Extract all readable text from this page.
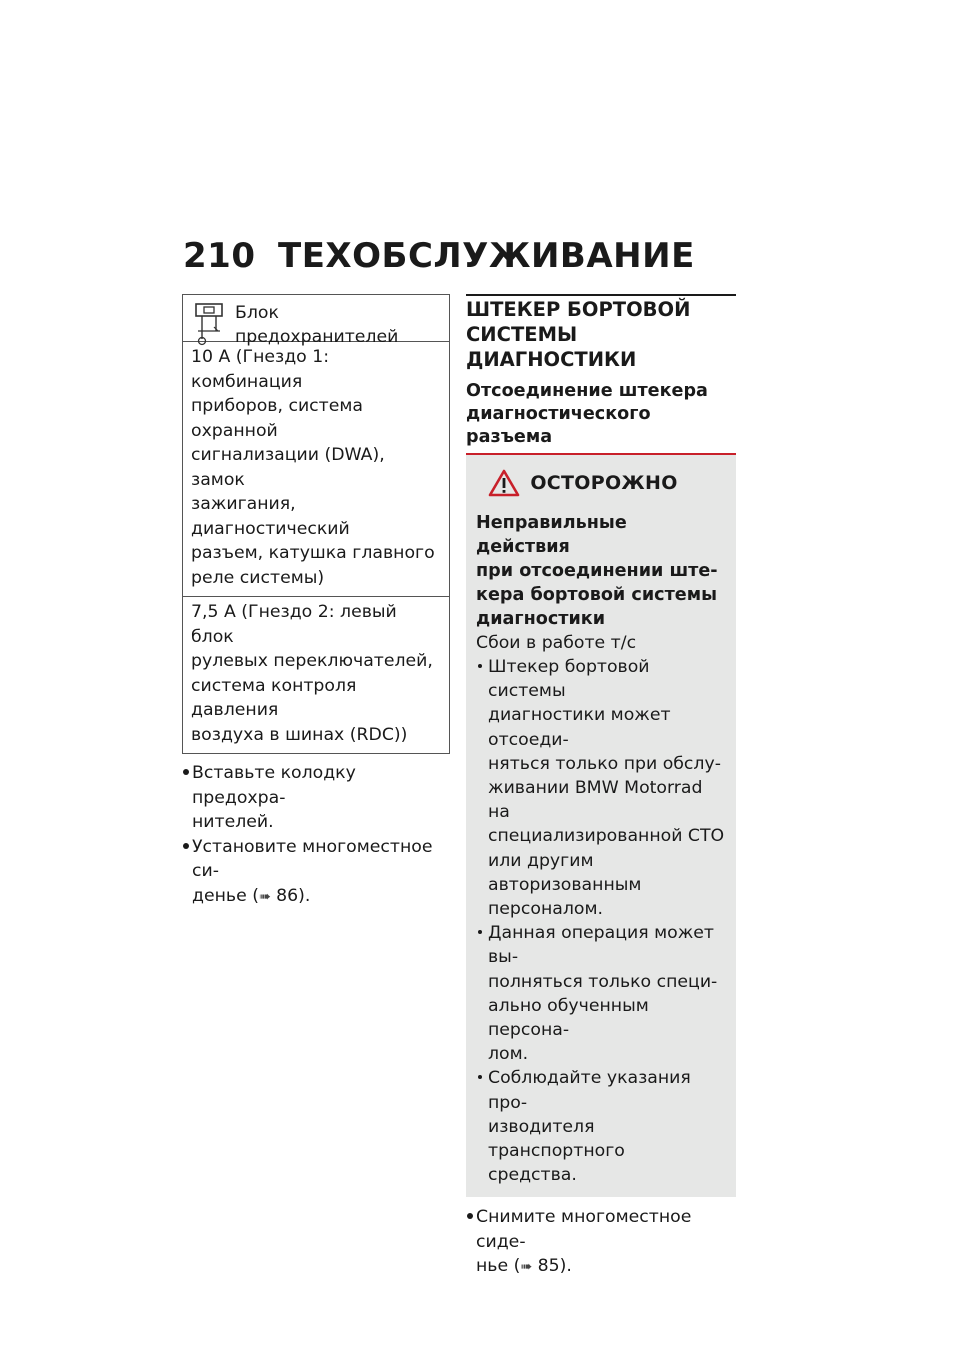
210 ТЕХОБСЛУЖИВАНИЕ
Блок предохранителей
10 A (Гнездо 1: комбинация
приборов, система охранной
сигнализации (DWA), замок
зажигания, диагностический
разъем, катушка главного
реле системы)
7,5 A (Гнездо 2: левый блок
рулевых переключателей,
система контроля давления
воздуха в шинах (RDC))
Вставьте колодку предохра-
нителей.
Установите многоместное си-
денье (➠ 86).
ШТЕКЕР БОРТОВОЙ
СИСТЕМЫ ДИАГНОСТИКИ
Отсоединение штекера
диагностического разъема
ОСТОРОЖНО
Неправильные действия
при отсоединении ште-
кера бортовой системы
диагностики
Сбои в работе т/с
Штекер бортовой системы
диагностики может отсоеди-
няться только при обслу-
живании BMW Motorrad на
специализированной СТО
или другим авторизованным
персоналом.
Данная операция может вы-
полняться только специ-
ально обученным персона-
лом.
Соблюдайте указания про-
изводителя транспортного
средства.
Снимите многоместное сиде-
нье (➠ 85).
